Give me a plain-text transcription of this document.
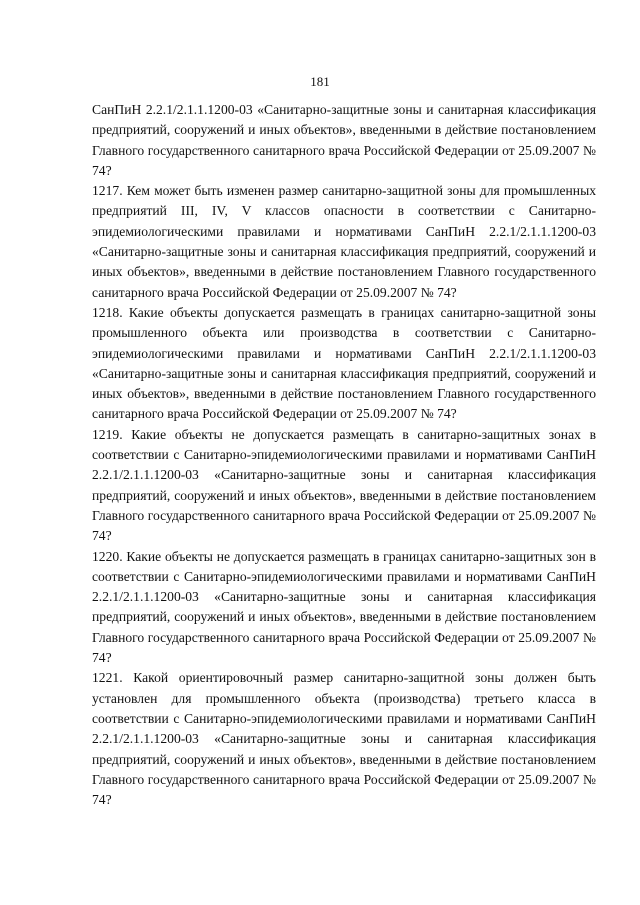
181

СанПиН 2.2.1/2.1.1.1200-03 «Санитарно-защитные зоны и санитарная классификация предприятий, сооружений и иных объектов», введенными в действие постановлением Главного государственного санитарного врача Российской Федерации от 25.09.2007 № 74?

1217. Кем может быть изменен размер санитарно-защитной зоны для промышленных предприятий III, IV, V классов опасности в соответствии с Санитарно-эпидемиологическими правилами и нормативами СанПиН 2.2.1/2.1.1.1200-03 «Санитарно-защитные зоны и санитарная классификация предприятий, сооружений и иных объектов», введенными в действие постановлением Главного государственного санитарного врача Российской Федерации от 25.09.2007 № 74?

1218. Какие объекты допускается размещать в границах санитарно-защитной зоны промышленного объекта или производства в соответствии с Санитарно-эпидемиологическими правилами и нормативами СанПиН 2.2.1/2.1.1.1200-03 «Санитарно-защитные зоны и санитарная классификация предприятий, сооружений и иных объектов», введенными в действие постановлением Главного государственного санитарного врача Российской Федерации от 25.09.2007 № 74?

1219. Какие объекты не допускается размещать в санитарно-защитных зонах в соответствии с Санитарно-эпидемиологическими правилами и нормативами СанПиН 2.2.1/2.1.1.1200-03 «Санитарно-защитные зоны и санитарная классификация предприятий, сооружений и иных объектов», введенными в действие постановлением Главного государственного санитарного врача Российской Федерации от 25.09.2007 № 74?

1220. Какие объекты не допускается размещать в границах санитарно-защитных зон в соответствии с Санитарно-эпидемиологическими правилами и нормативами СанПиН 2.2.1/2.1.1.1200-03 «Санитарно-защитные зоны и санитарная классификация предприятий, сооружений и иных объектов», введенными в действие постановлением Главного государственного санитарного врача Российской Федерации от 25.09.2007 № 74?

1221. Какой ориентировочный размер санитарно-защитной зоны должен быть установлен для промышленного объекта (производства) третьего класса в соответствии с Санитарно-эпидемиологическими правилами и нормативами СанПиН 2.2.1/2.1.1.1200-03 «Санитарно-защитные зоны и санитарная классификация предприятий, сооружений и иных объектов», введенными в действие постановлением Главного государственного санитарного врача Российской Федерации от 25.09.2007 № 74?
